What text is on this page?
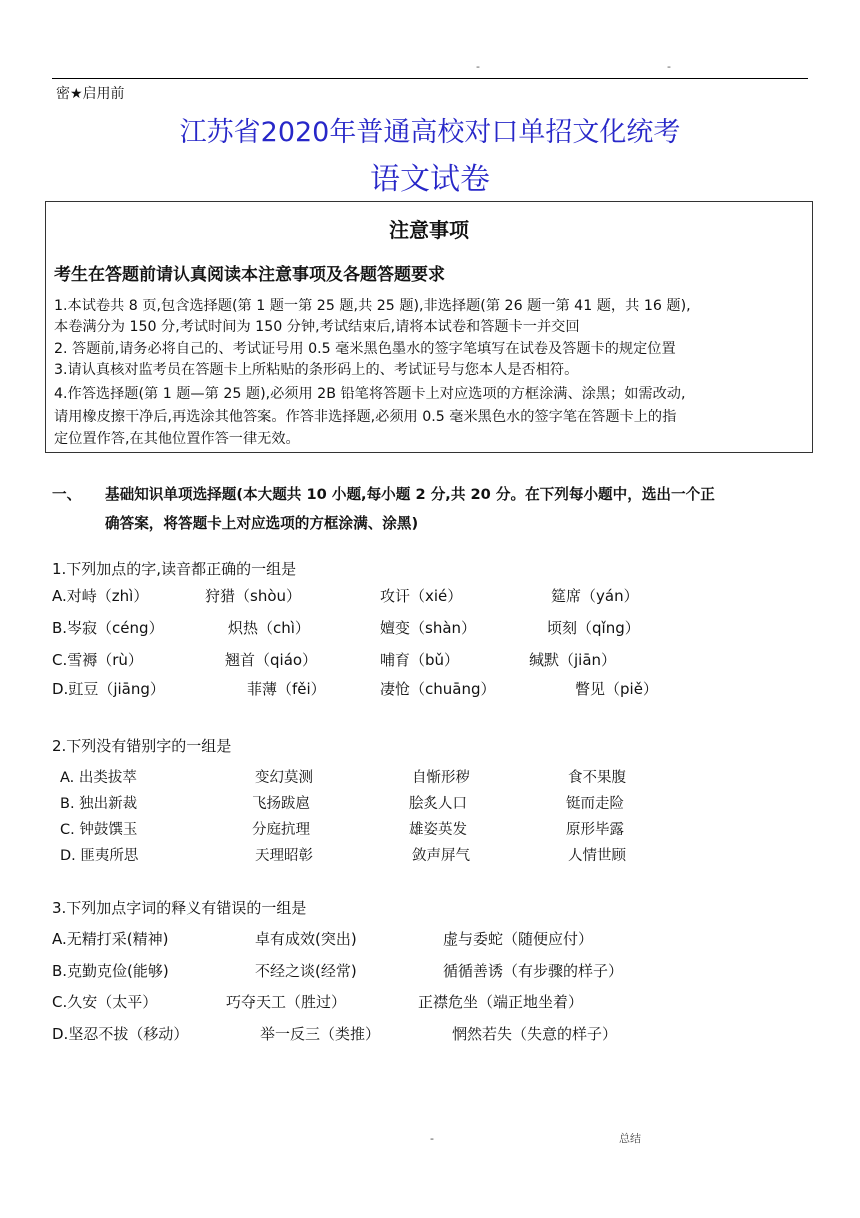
-	-
密★启用前
江苏省2020年普通高校对口单招文化统考
语文试卷
注意事项
考生在答题前请认真阅读本注意事项及各题答题要求
1.本试卷共 8 页,包含选择题(第 1 题一第 25 题,共 25 题),非选择题(第 26 题一第 41 题，共 16 题),
本卷满分为 150 分,考试时间为 150 分钟,考试结束后,请将本试卷和答题卡一并交回
2. 答题前,请务必将自己的、考试证号用 0.5 毫米黑色墨水的签字笔填写在试卷及答题卡的规定位置
3.请认真核对监考员在答题卡上所粘贴的条形码上的、考试证号与您本人是否相符。
4.作答选择题(第 1 题—第 25 题),必须用 2B 铅笔将答题卡上对应选项的方框涂满、涂黑；如需改动,
请用橡皮擦干净后,再选涂其他答案。作答非选择题,必须用 0.5 毫米黑色水的签字笔在答题卡上的指
定位置作答,在其他位置作答一律无效。
一、 基础知识单项选择题(本大题共 10 小题,每小题 2 分,共 20 分。在下列每小题中，选出一个正
确答案，将答题卡上对应选项的方框涂满、涂黑)
1.下列加点的字,读音都正确的一组是
A.对峙（zhì）	狩猎（shòu）	攻讦（xié）	筵席（yán）
B.岑寂（céng）	炽热（chì）	嬗变（shàn）	顷刻（qǐng）
C.雪褥（rù）	翘首（qiáo）	哺育（bǔ）	缄默（jiān）
D.豇豆（jiāng）	菲薄（fěi）	凄怆（chuāng）	瞥见（piě）
2.下列没有错别字的一组是
A. 出类拔萃	变幻莫测	自惭形秽	食不果腹
B. 独出新裁	飞扬跋扈	脍炙人口	铤而走险
C. 钟鼓馔玉	分庭抗理	雄姿英发	原形毕露
D. 匪夷所思	天理昭彰	敛声屏气	人情世顾
3.下列加点字词的释义有错误的一组是
A.无精打采(精神)	卓有成效(突出)	虚与委蛇（随便应付）
B.克勤克俭(能够)	不经之谈(经常)	循循善诱（有步骤的样子）
C.久安（太平）	巧夺天工（胜过）	正襟危坐（端正地坐着）
D.坚忍不拔（移动）	举一反三（类推）	惘然若失（失意的样子）
-	总结
